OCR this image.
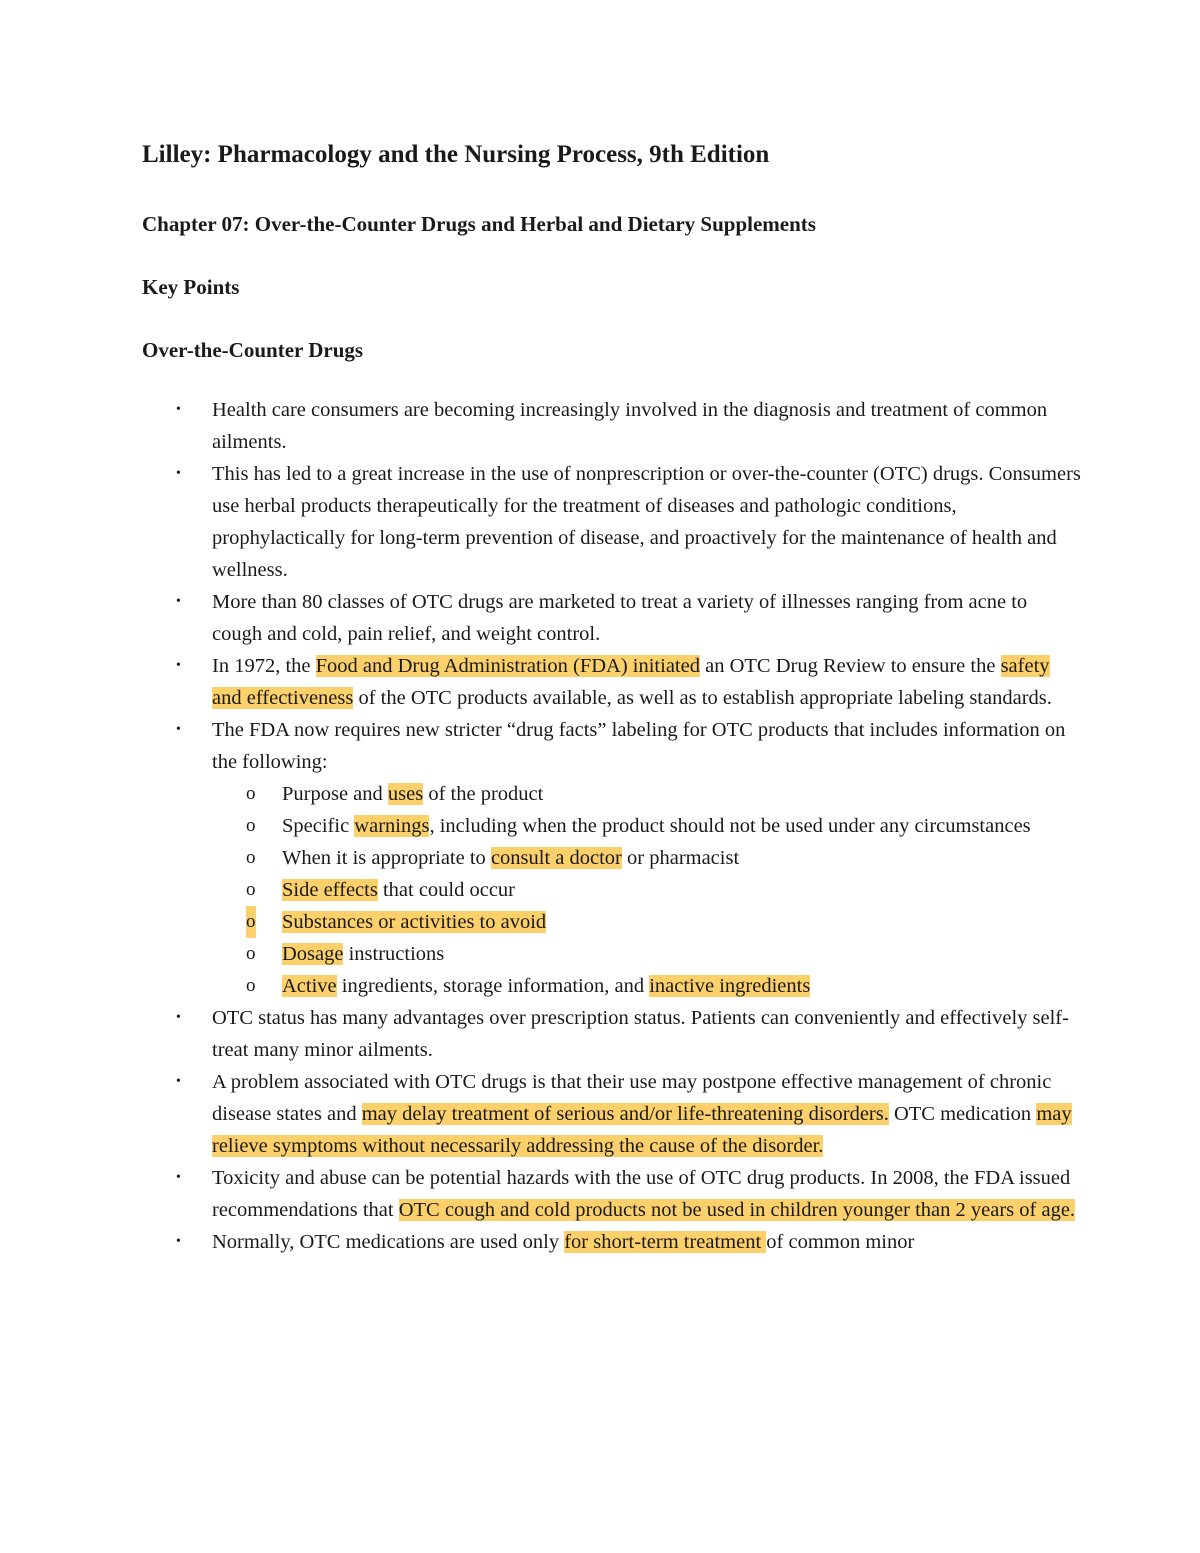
Lilley: Pharmacology and the Nursing Process, 9th Edition
Chapter 07: Over-the-Counter Drugs and Herbal and Dietary Supplements
Key Points
Over-the-Counter Drugs
• Health care consumers are becoming increasingly involved in the diagnosis and treatment of common ailments.
• This has led to a great increase in the use of nonprescription or over-the-counter (OTC) drugs. Consumers use herbal products therapeutically for the treatment of diseases and pathologic conditions, prophylactically for long-term prevention of disease, and proactively for the maintenance of health and wellness.
• More than 80 classes of OTC drugs are marketed to treat a variety of illnesses ranging from acne to cough and cold, pain relief, and weight control.
• In 1972, the Food and Drug Administration (FDA) initiated an OTC Drug Review to ensure the safety and effectiveness of the OTC products available, as well as to establish appropriate labeling standards.
• The FDA now requires new stricter “drug facts” labeling for OTC products that includes information on the following:
o Purpose and uses of the product
o Specific warnings, including when the product should not be used under any circumstances
o When it is appropriate to consult a doctor or pharmacist
o Side effects that could occur
o Substances or activities to avoid
o Dosage instructions
o Active ingredients, storage information, and inactive ingredients
• OTC status has many advantages over prescription status. Patients can conveniently and effectively self-treat many minor ailments.
• A problem associated with OTC drugs is that their use may postpone effective management of chronic disease states and may delay treatment of serious and/or life-threatening disorders. OTC medication may relieve symptoms without necessarily addressing the cause of the disorder.
• Toxicity and abuse can be potential hazards with the use of OTC drug products. In 2008, the FDA issued recommendations that OTC cough and cold products not be used in children younger than 2 years of age.
• Normally, OTC medications are used only for short-term treatment of common minor
